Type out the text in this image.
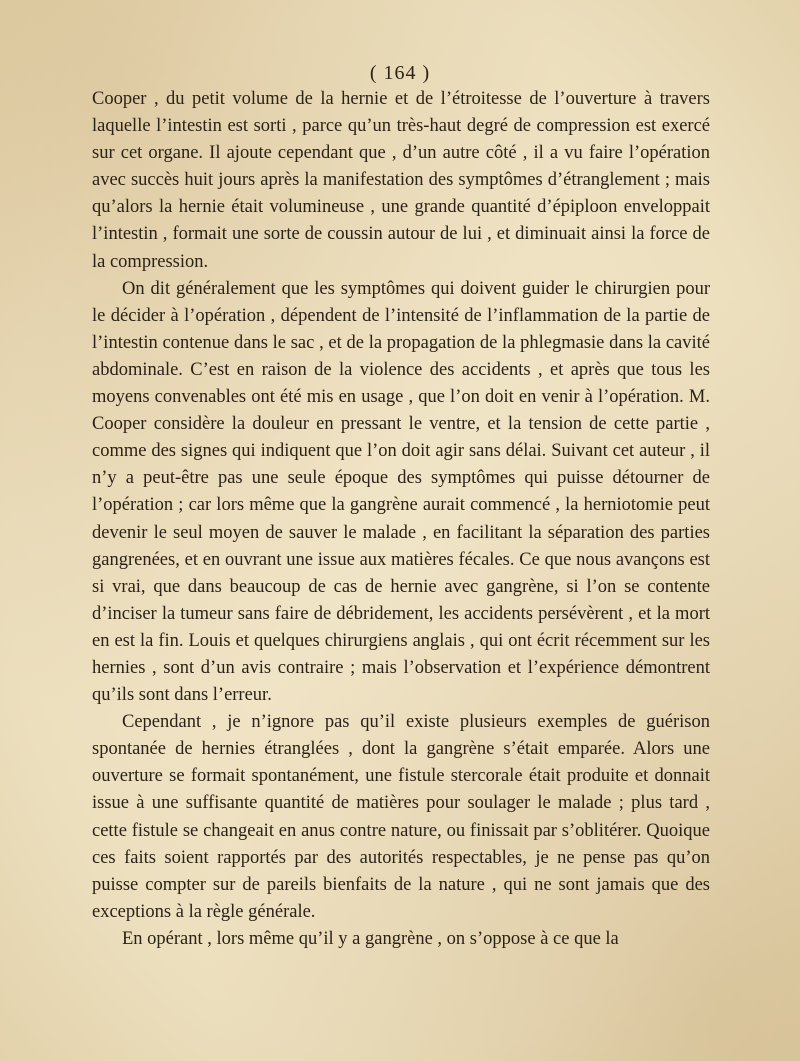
( 164 )

Cooper , du petit volume de la hernie et de l’étroitesse de l’ouverture à travers laquelle l’intestin est sorti , parce qu’un très-haut degré de compression est exercé sur cet organe. Il ajoute cependant que , d’un autre côté , il a vu faire l’opération avec succès huit jours après la manifestation des symptômes d’étranglement ; mais qu’alors la hernie était volumineuse , une grande quantité d’épiploon enveloppait l’intestin , formait une sorte de coussin autour de lui , et diminuait ainsi la force de la compression.

On dit généralement que les symptômes qui doivent guider le chirurgien pour le décider à l’opération , dépendent de l’intensité de l’inflammation de la partie de l’intestin contenue dans le sac , et de la propagation de la phlegmasie dans la cavité abdominale. C’est en raison de la violence des accidents , et après que tous les moyens convenables ont été mis en usage , que l’on doit en venir à l’opération. M. Cooper considère la douleur en pressant le ventre, et la tension de cette partie , comme des signes qui indiquent que l’on doit agir sans délai. Suivant cet auteur , il n’y a peut-être pas une seule époque des symptômes qui puisse détourner de l’opération ; car lors même que la gangrène aurait commencé , la herniotomie peut devenir le seul moyen de sauver le malade , en facilitant la séparation des parties gangrenées, et en ouvrant une issue aux matières fécales. Ce que nous avançons est si vrai, que dans beaucoup de cas de hernie avec gangrène, si l’on se contente d’inciser la tumeur sans faire de débridement, les accidents persévèrent , et la mort en est la fin. Louis et quelques chirurgiens anglais , qui ont écrit récemment sur les hernies , sont d’un avis contraire ; mais l’observation et l’expérience démontrent qu’ils sont dans l’erreur.

Cependant , je n’ignore pas qu’il existe plusieurs exemples de guérison spontanée de hernies étranglées , dont la gangrène s’était emparée. Alors une ouverture se formait spontanément, une fistule stercorale était produite et donnait issue à une suffisante quantité de matières pour soulager le malade ; plus tard , cette fistule se changeait en anus contre nature, ou finissait par s’oblitérer. Quoique ces faits soient rapportés par des autorités respectables, je ne pense pas qu’on puisse compter sur de pareils bienfaits de la nature , qui ne sont jamais que des exceptions à la règle générale.

En opérant , lors même qu’il y a gangrène , on s’oppose à ce que la
